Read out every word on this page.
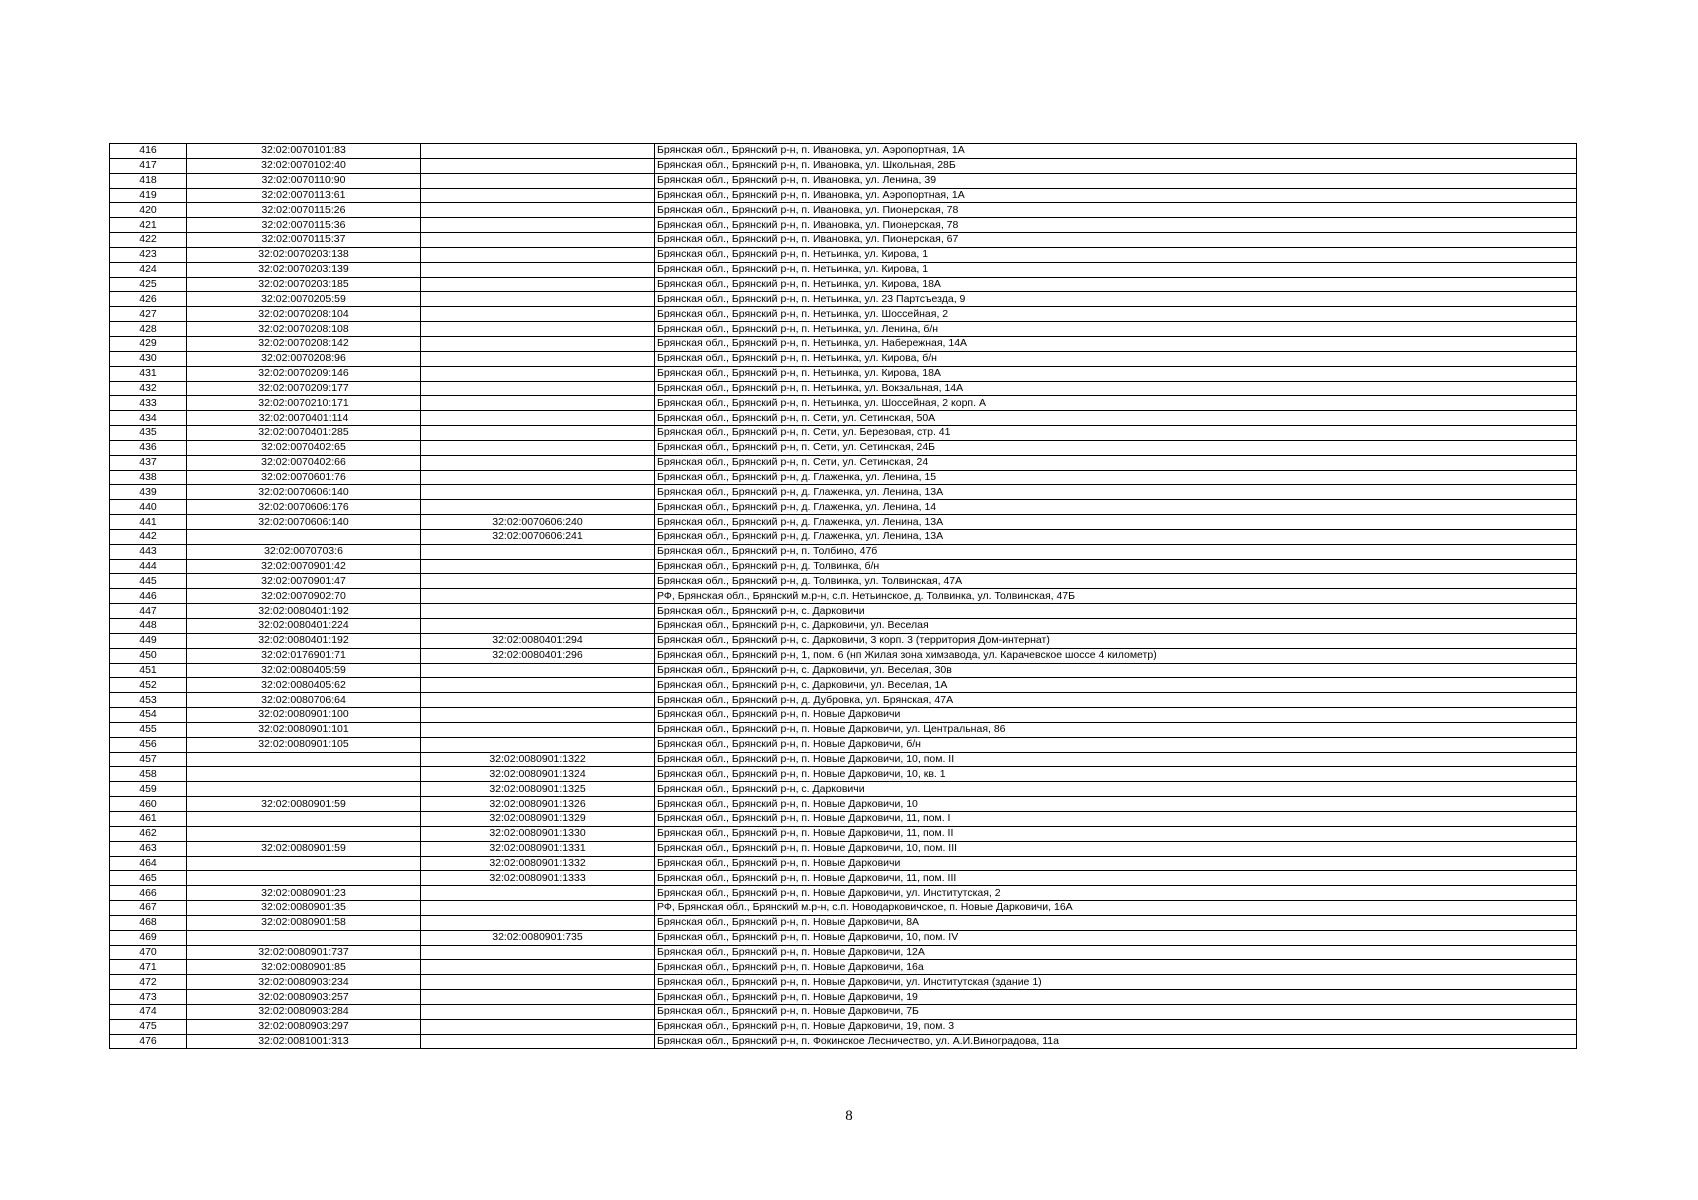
416	32:02:0070101:83		Брянская обл., Брянский р-н, п. Ивановка, ул. Аэропортная, 1А
417	32:02:0070102:40		Брянская обл., Брянский р-н, п. Ивановка, ул. Школьная, 28Б
418	32:02:0070110:90		Брянская обл., Брянский р-н, п. Ивановка, ул. Ленина, 39
419	32:02:0070113:61		Брянская обл., Брянский р-н, п. Ивановка, ул. Аэропортная, 1А
420	32:02:0070115:26		Брянская обл., Брянский р-н, п. Ивановка, ул. Пионерская, 78
421	32:02:0070115:36		Брянская обл., Брянский р-н, п. Ивановка, ул. Пионерская, 78
422	32:02:0070115:37		Брянская обл., Брянский р-н, п. Ивановка, ул. Пионерская, 67
423	32:02:0070203:138		Брянская обл., Брянский р-н, п. Нетьинка, ул. Кирова, 1
424	32:02:0070203:139		Брянская обл., Брянский р-н, п. Нетьинка, ул. Кирова, 1
425	32:02:0070203:185		Брянская обл., Брянский р-н, п. Нетьинка, ул. Кирова, 18А
426	32:02:0070205:59		Брянская обл., Брянский р-н, п. Нетьинка, ул. 23 Партсъезда, 9
427	32:02:0070208:104		Брянская обл., Брянский р-н, п. Нетьинка, ул. Шоссейная, 2
428	32:02:0070208:108		Брянская обл., Брянский р-н, п. Нетьинка, ул. Ленина, б/н
429	32:02:0070208:142		Брянская обл., Брянский р-н, п. Нетьинка, ул. Набережная, 14А
430	32:02:0070208:96		Брянская обл., Брянский р-н, п. Нетьинка, ул. Кирова, б/н
431	32:02:0070209:146		Брянская обл., Брянский р-н, п. Нетьинка, ул. Кирова, 18А
432	32:02:0070209:177		Брянская обл., Брянский р-н, п. Нетьинка, ул. Вокзальная, 14А
433	32:02:0070210:171		Брянская обл., Брянский р-н, п. Нетьинка, ул. Шоссейная, 2 корп. А
434	32:02:0070401:114		Брянская обл., Брянский р-н, п. Сети, ул. Сетинская, 50А
435	32:02:0070401:285		Брянская обл., Брянский р-н, п. Сети, ул. Березовая, стр. 41
436	32:02:0070402:65		Брянская обл., Брянский р-н, п. Сети, ул. Сетинская, 24Б
437	32:02:0070402:66		Брянская обл., Брянский р-н, п. Сети, ул. Сетинская, 24
438	32:02:0070601:76		Брянская обл., Брянский р-н, д. Глаженка, ул. Ленина, 15
439	32:02:0070606:140		Брянская обл., Брянский р-н, д. Глаженка, ул. Ленина, 13А
440	32:02:0070606:176		Брянская обл., Брянский р-н, д. Глаженка, ул. Ленина, 14
441	32:02:0070606:140	32:02:0070606:240	Брянская обл., Брянский р-н, д. Глаженка, ул. Ленина, 13А
442		32:02:0070606:241	Брянская обл., Брянский р-н, д. Глаженка, ул. Ленина, 13А
443	32:02:0070703:6		Брянская обл., Брянский р-н, п. Толбино, 47б
444	32:02:0070901:42		Брянская обл., Брянский р-н, д. Толвинка, б/н
445	32:02:0070901:47		Брянская обл., Брянский р-н, д. Толвинка, ул. Толвинская, 47А
446	32:02:0070902:70		РФ, Брянская обл., Брянский м.р-н, с.п. Нетьинское, д. Толвинка, ул. Толвинская, 47Б
447	32:02:0080401:192		Брянская обл., Брянский р-н, с. Дарковичи
448	32:02:0080401:224		Брянская обл., Брянский р-н, с. Дарковичи, ул. Веселая
449	32:02:0080401:192	32:02:0080401:294	Брянская обл., Брянский р-н, с. Дарковичи, 3 корп. 3 (территория Дом-интернат)
450	32:02:0176901:71	32:02:0080401:296	Брянская обл., Брянский р-н, 1, пом. 6 (нп Жилая зона химзавода, ул. Карачевское шоссе 4 километр)
451	32:02:0080405:59		Брянская обл., Брянский р-н, с. Дарковичи, ул. Веселая, 30в
452	32:02:0080405:62		Брянская обл., Брянский р-н, с. Дарковичи, ул. Веселая, 1А
453	32:02:0080706:64		Брянская обл., Брянский р-н, д. Дубровка, ул. Брянская, 47А
454	32:02:0080901:100		Брянская обл., Брянский р-н, п. Новые Дарковичи
455	32:02:0080901:101		Брянская обл., Брянский р-н, п. Новые Дарковичи, ул. Центральная, 86
456	32:02:0080901:105		Брянская обл., Брянский р-н, п. Новые Дарковичи, б/н
457		32:02:0080901:1322	Брянская обл., Брянский р-н, п. Новые Дарковичи, 10, пом. II
458		32:02:0080901:1324	Брянская обл., Брянский р-н, п. Новые Дарковичи, 10, кв. 1
459		32:02:0080901:1325	Брянская обл., Брянский р-н, с. Дарковичи
460	32:02:0080901:59	32:02:0080901:1326	Брянская обл., Брянский р-н, п. Новые Дарковичи, 10
461		32:02:0080901:1329	Брянская обл., Брянский р-н, п. Новые Дарковичи, 11, пом. I
462		32:02:0080901:1330	Брянская обл., Брянский р-н, п. Новые Дарковичи, 11, пом. II
463	32:02:0080901:59	32:02:0080901:1331	Брянская обл., Брянский р-н, п. Новые Дарковичи, 10, пом. III
464		32:02:0080901:1332	Брянская обл., Брянский р-н, п. Новые Дарковичи
465		32:02:0080901:1333	Брянская обл., Брянский р-н, п. Новые Дарковичи, 11, пом. III
466	32:02:0080901:23		Брянская обл., Брянский р-н, п. Новые Дарковичи, ул. Институтская, 2
467	32:02:0080901:35		РФ, Брянская обл., Брянский м.р-н, с.п. Новодарковичское, п. Новые Дарковичи, 16А
468	32:02:0080901:58		Брянская обл., Брянский р-н, п. Новые Дарковичи, 8А
469		32:02:0080901:735	Брянская обл., Брянский р-н, п. Новые Дарковичи, 10, пом. IV
470	32:02:0080901:737		Брянская обл., Брянский р-н, п. Новые Дарковичи, 12А
471	32:02:0080901:85		Брянская обл., Брянский р-н, п. Новые Дарковичи, 16а
472	32:02:0080903:234		Брянская обл., Брянский р-н, п. Новые Дарковичи, ул. Институтская (здание 1)
473	32:02:0080903:257		Брянская обл., Брянский р-н, п. Новые Дарковичи, 19
474	32:02:0080903:284		Брянская обл., Брянский р-н, п. Новые Дарковичи, 7Б
475	32:02:0080903:297		Брянская обл., Брянский р-н, п. Новые Дарковичи, 19, пом. 3
476	32:02:0081001:313		Брянская обл., Брянский р-н, п. Фокинское Лесничество, ул. А.И.Виноградова, 11а
8
